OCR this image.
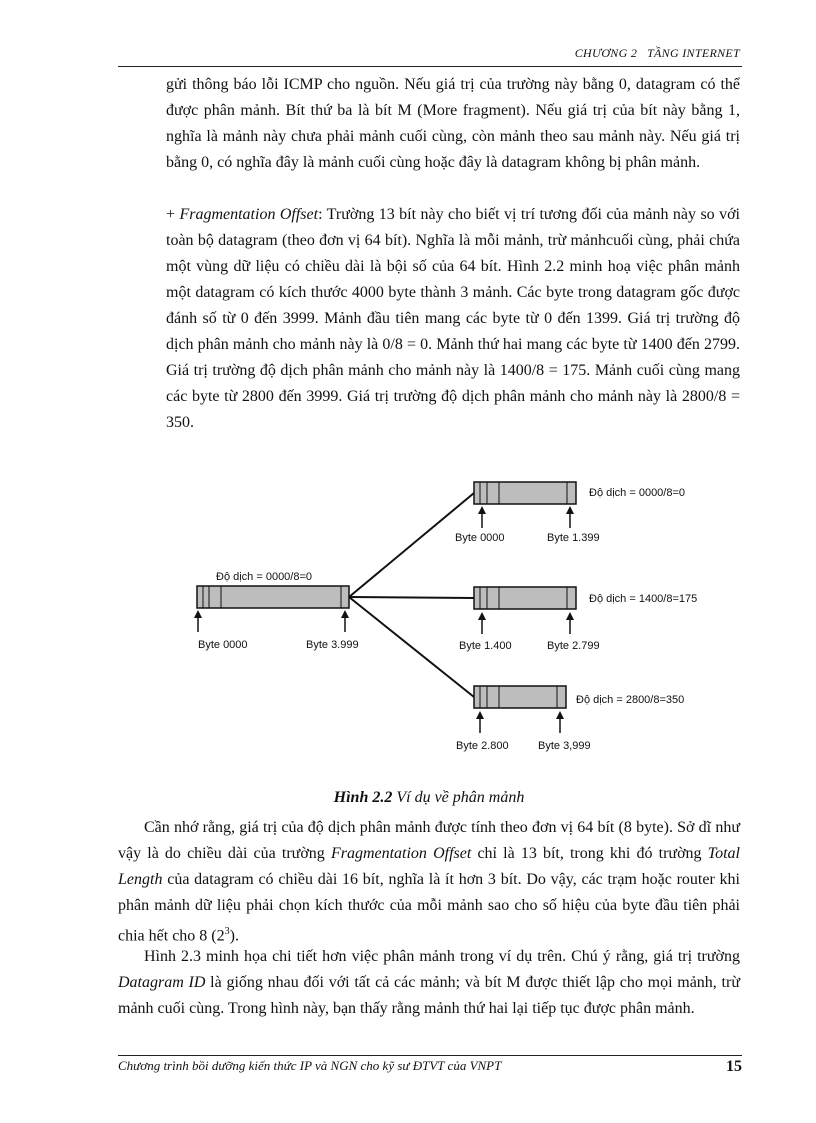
CHƯƠNG 2 TẦNG INTERNET

gửi thông báo lỗi ICMP cho nguồn. Nếu giá trị của trường này bằng 0, datagram có thể được phân mảnh. Bít thứ ba là bít M (More fragment). Nếu giá trị của bít này bằng 1, nghĩa là mảnh này chưa phải mảnh cuối cùng, còn mảnh theo sau mảnh này. Nếu giá trị bằng 0, có nghĩa đây là mảnh cuối cùng hoặc đây là datagram không bị phân mảnh.

+ Fragmentation Offset: Trường 13 bít này cho biết vị trí tương đối của mảnh này so với toàn bộ datagram (theo đơn vị 64 bít). Nghĩa là mỗi mảnh, trừ mảnhcuối cùng, phải chứa một vùng dữ liệu có chiều dài là bội số của 64 bít. Hình 2.2 minh hoạ việc phân mảnh một datagram có kích thước 4000 byte thành 3 mảnh. Các byte trong datagram gốc được đánh số từ 0 đến 3999. Mảnh đầu tiên mang các byte từ 0 đến 1399. Giá trị trường độ dịch phân mảnh cho mảnh này là 0/8 = 0. Mảnh thứ hai mang các byte từ 1400 đến 2799. Giá trị trường độ dịch phân mảnh cho mảnh này là 1400/8 = 175. Mảnh cuối cùng mang các byte từ 2800 đến 3999. Giá trị trường độ dịch phân mảnh cho mảnh này là 2800/8 = 350.

Độ dịch = 0000/8=0
Byte 0000	Byte 3.999
Độ dịch = 0000/8=0
Byte 0000	Byte 1.399
Độ dịch = 1400/8=175
Byte 1.400	Byte 2.799
Độ dịch = 2800/8=350
Byte 2.800	Byte 3,999
Hình 2.2 Ví dụ về phân mảnh

Cần nhớ rằng, giá trị của độ dịch phân mảnh được tính theo đơn vị 64 bít (8 byte). Sở dĩ như vậy là do chiều dài của trường Fragmentation Offset chỉ là 13 bít, trong khi đó trường Total Length của datagram có chiều dài 16 bít, nghĩa là ít hơn 3 bít. Do vậy, các trạm hoặc router khi phân mảnh dữ liệu phải chọn kích thước của mỗi mảnh sao cho số hiệu của byte đầu tiên phải chia hết cho 8 $(2^3)$.

Hình 2.3 minh họa chi tiết hơn việc phân mảnh trong ví dụ trên. Chú ý rằng, giá trị trường Datagram ID là giống nhau đối với tất cả các mảnh; và bít M được thiết lập cho mọi mảnh, trừ mảnh cuối cùng. Trong hình này, bạn thấy rằng mảnh thứ hai lại tiếp tục được phân mảnh.

Chương trình bồi dưỡng kiến thức IP và NGN cho kỹ sư ĐTVT của VNPT	15
